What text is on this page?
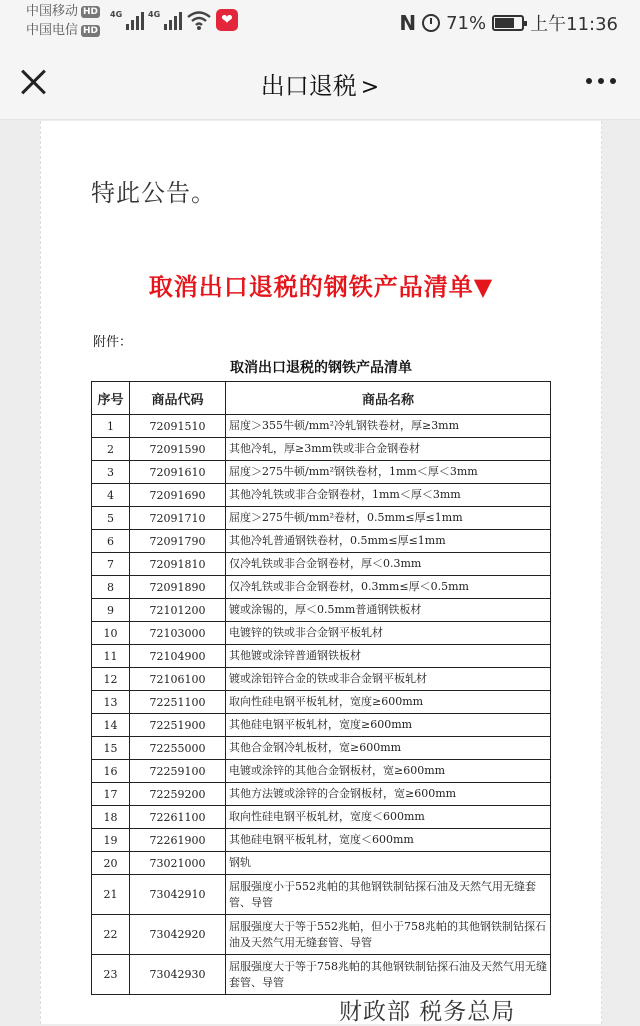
中国移动 HD
中国电信 HD
4G	4G	❤	N 71% 上午11:36
出口退税 >
特此公告。
取消出口退税的钢铁产品清单▼
附件：
取消出口退税的钢铁产品清单
序号	商品代码	商品名称
1	72091510	屈度＞355牛顿/mm²冷轧钢铁卷材，厚≥3mm
2	72091590	其他冷轧，厚≥3mm铁或非合金钢卷材
3	72091610	屈度＞275牛顿/mm²钢铁卷材，1mm＜厚＜3mm
4	72091690	其他冷轧铁或非合金钢卷材，1mm＜厚＜3mm
5	72091710	屈度＞275牛顿/mm²卷材，0.5mm≤厚≤1mm
6	72091790	其他冷轧普通钢铁卷材，0.5mm≤厚≤1mm
7	72091810	仅冷轧铁或非合金钢卷材，厚＜0.3mm
8	72091890	仅冷轧铁或非合金钢卷材，0.3mm≤厚＜0.5mm
9	72101200	镀或涂锡的，厚＜0.5mm普通钢铁板材
10	72103000	电镀锌的铁或非合金钢平板轧材
11	72104900	其他镀或涂锌普通钢铁板材
12	72106100	镀或涂铝锌合金的铁或非合金钢平板轧材
13	72251100	取向性硅电钢平板轧材，宽度≥600mm
14	72251900	其他硅电钢平板轧材，宽度≥600mm
15	72255000	其他合金钢冷轧板材，宽≥600mm
16	72259100	电镀或涂锌的其他合金钢板材，宽≥600mm
17	72259200	其他方法镀或涂锌的合金钢板材，宽≥600mm
18	72261100	取向性硅电钢平板轧材，宽度＜600mm
19	72261900	其他硅电钢平板轧材，宽度＜600mm
20	73021000	钢轨
21	73042910	屈服强度小于552兆帕的其他钢铁制钻探石油及天然气用无缝套管、导管
22	73042920	屈服强度大于等于552兆帕，但小于758兆帕的其他钢铁制钻探石油及天然气用无缝套管、导管
23	73042930	屈服强度大于等于758兆帕的其他钢铁制钻探石油及天然气用无缝套管、导管
财政部 税务总局
